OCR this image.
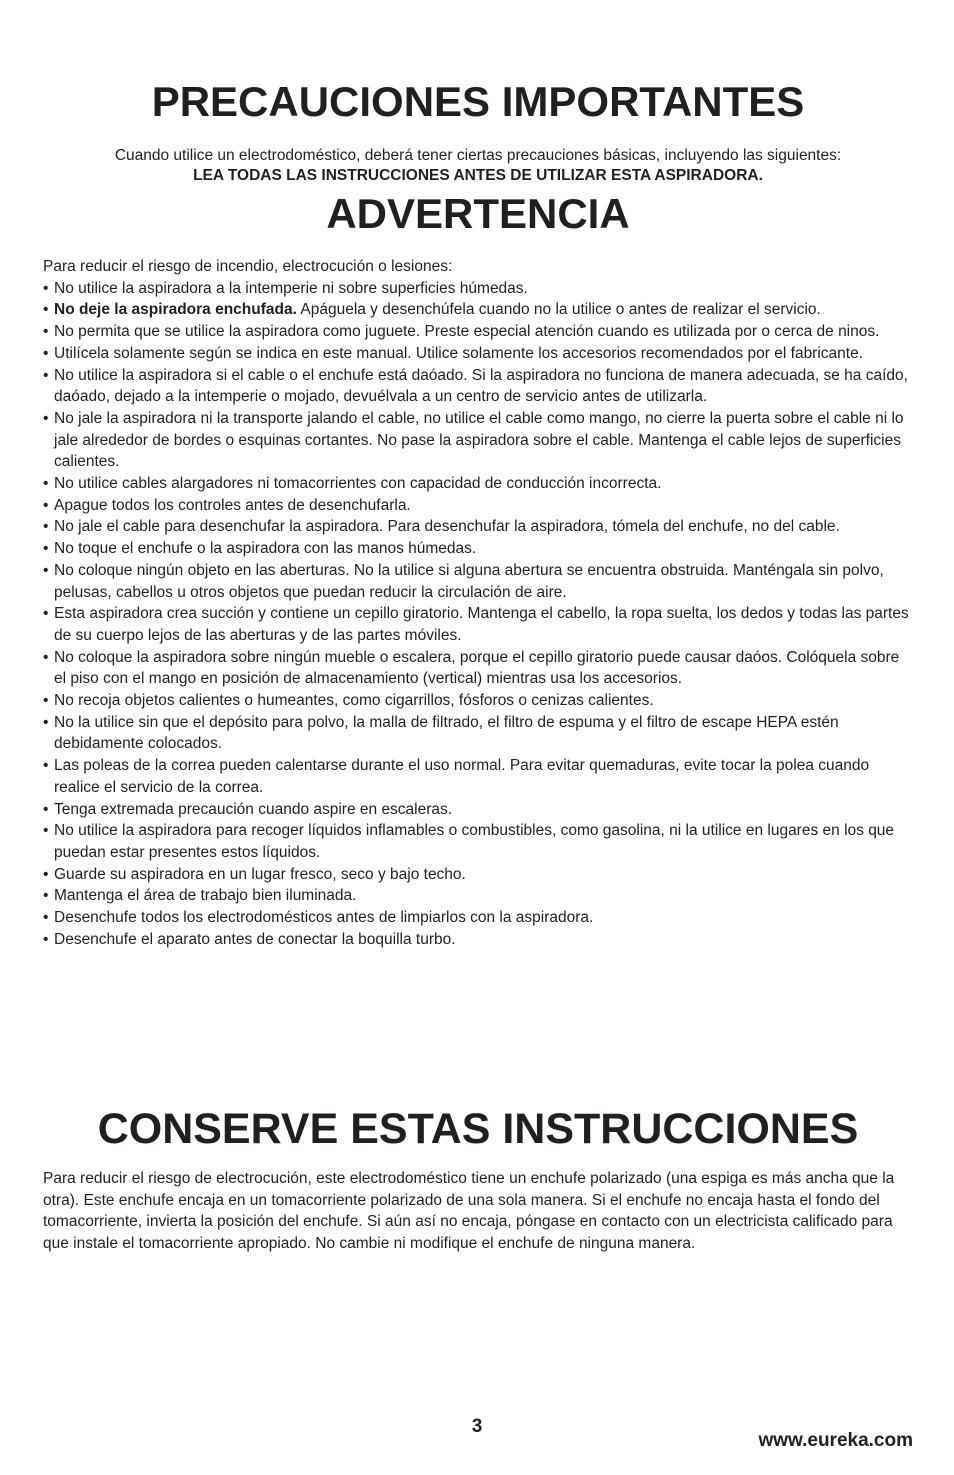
PRECAUCIONES IMPORTANTES
Cuando utilice un electrodoméstico, deberá tener ciertas precauciones básicas, incluyendo las siguientes:
LEA TODAS LAS INSTRUCCIONES ANTES DE UTILIZAR ESTA ASPIRADORA.
ADVERTENCIA

Para reducir el riesgo de incendio, electrocución o lesiones:

• No utilice la aspiradora a la intemperie ni sobre superficies húmedas.
• No deje la aspiradora enchufada. Apáguela y desenchúfela cuando no la utilice o antes de realizar el servicio.
• No permita que se utilice la aspiradora como juguete. Preste especial atención cuando es utilizada por o cerca de ninos.
• Utilícela solamente según se indica en este manual. Utilice solamente los accesorios recomendados por el fabricante.
• No utilice la aspiradora si el cable o el enchufe está daóado. Si la aspiradora no funciona de manera adecuada, se ha caído, daóado, dejado a la intemperie o mojado, devuélvala a un centro de servicio antes de utilizarla.
• No jale la aspiradora ni la transporte jalando el cable, no utilice el cable como mango, no cierre la puerta sobre el cable ni lo jale alrededor de bordes o esquinas cortantes. No pase la aspiradora sobre el cable. Mantenga el cable lejos de superficies calientes.
• No utilice cables alargadores ni tomacorrientes con capacidad de conducción incorrecta.
• Apague todos los controles antes de desenchufarla.
• No jale el cable para desenchufar la aspiradora. Para desenchufar la aspiradora, tómela del enchufe, no del cable.
• No toque el enchufe o la aspiradora con las manos húmedas.
• No coloque ningún objeto en las aberturas. No la utilice si alguna abertura se encuentra obstruida. Manténgala sin polvo, pelusas, cabellos u otros objetos que puedan reducir la circulación de aire.
• Esta aspiradora crea succión y contiene un cepillo giratorio. Mantenga el cabello, la ropa suelta, los dedos y todas las partes de su cuerpo lejos de las aberturas y de las partes móviles.
• No coloque la aspiradora sobre ningún mueble o escalera, porque el cepillo giratorio puede causar daóos. Colóquela sobre el piso con el mango en posición de almacenamiento (vertical) mientras usa los accesorios.
• No recoja objetos calientes o humeantes, como cigarrillos, fósforos o cenizas calientes.
• No la utilice sin que el depósito para polvo, la malla de filtrado, el filtro de espuma y el filtro de escape HEPA estén debidamente colocados.
• Las poleas de la correa pueden calentarse durante el uso normal. Para evitar quemaduras, evite tocar la polea cuando realice el servicio de la correa.
• Tenga extremada precaución cuando aspire en escaleras.
• No utilice la aspiradora para recoger líquidos inflamables o combustibles, como gasolina, ni la utilice en lugares en los que puedan estar presentes estos líquidos.
• Guarde su aspiradora en un lugar fresco, seco y bajo techo.
• Mantenga el área de trabajo bien iluminada.
• Desenchufe todos los electrodomésticos antes de limpiarlos con la aspiradora.
• Desenchufe el aparato antes de conectar la boquilla turbo.
CONSERVE ESTAS INSTRUCCIONES

Para reducir el riesgo de electrocución, este electrodoméstico tiene un enchufe polarizado (una espiga es más ancha que la otra). Este enchufe encaja en un tomacorriente polarizado de una sola manera. Si el enchufe no encaja hasta el fondo del tomacorriente, invierta la posición del enchufe. Si aún así no encaja, póngase en contacto con un electricista calificado para que instale el tomacorriente apropiado. No cambie ni modifique el enchufe de ninguna manera.

3
www.eureka.com
